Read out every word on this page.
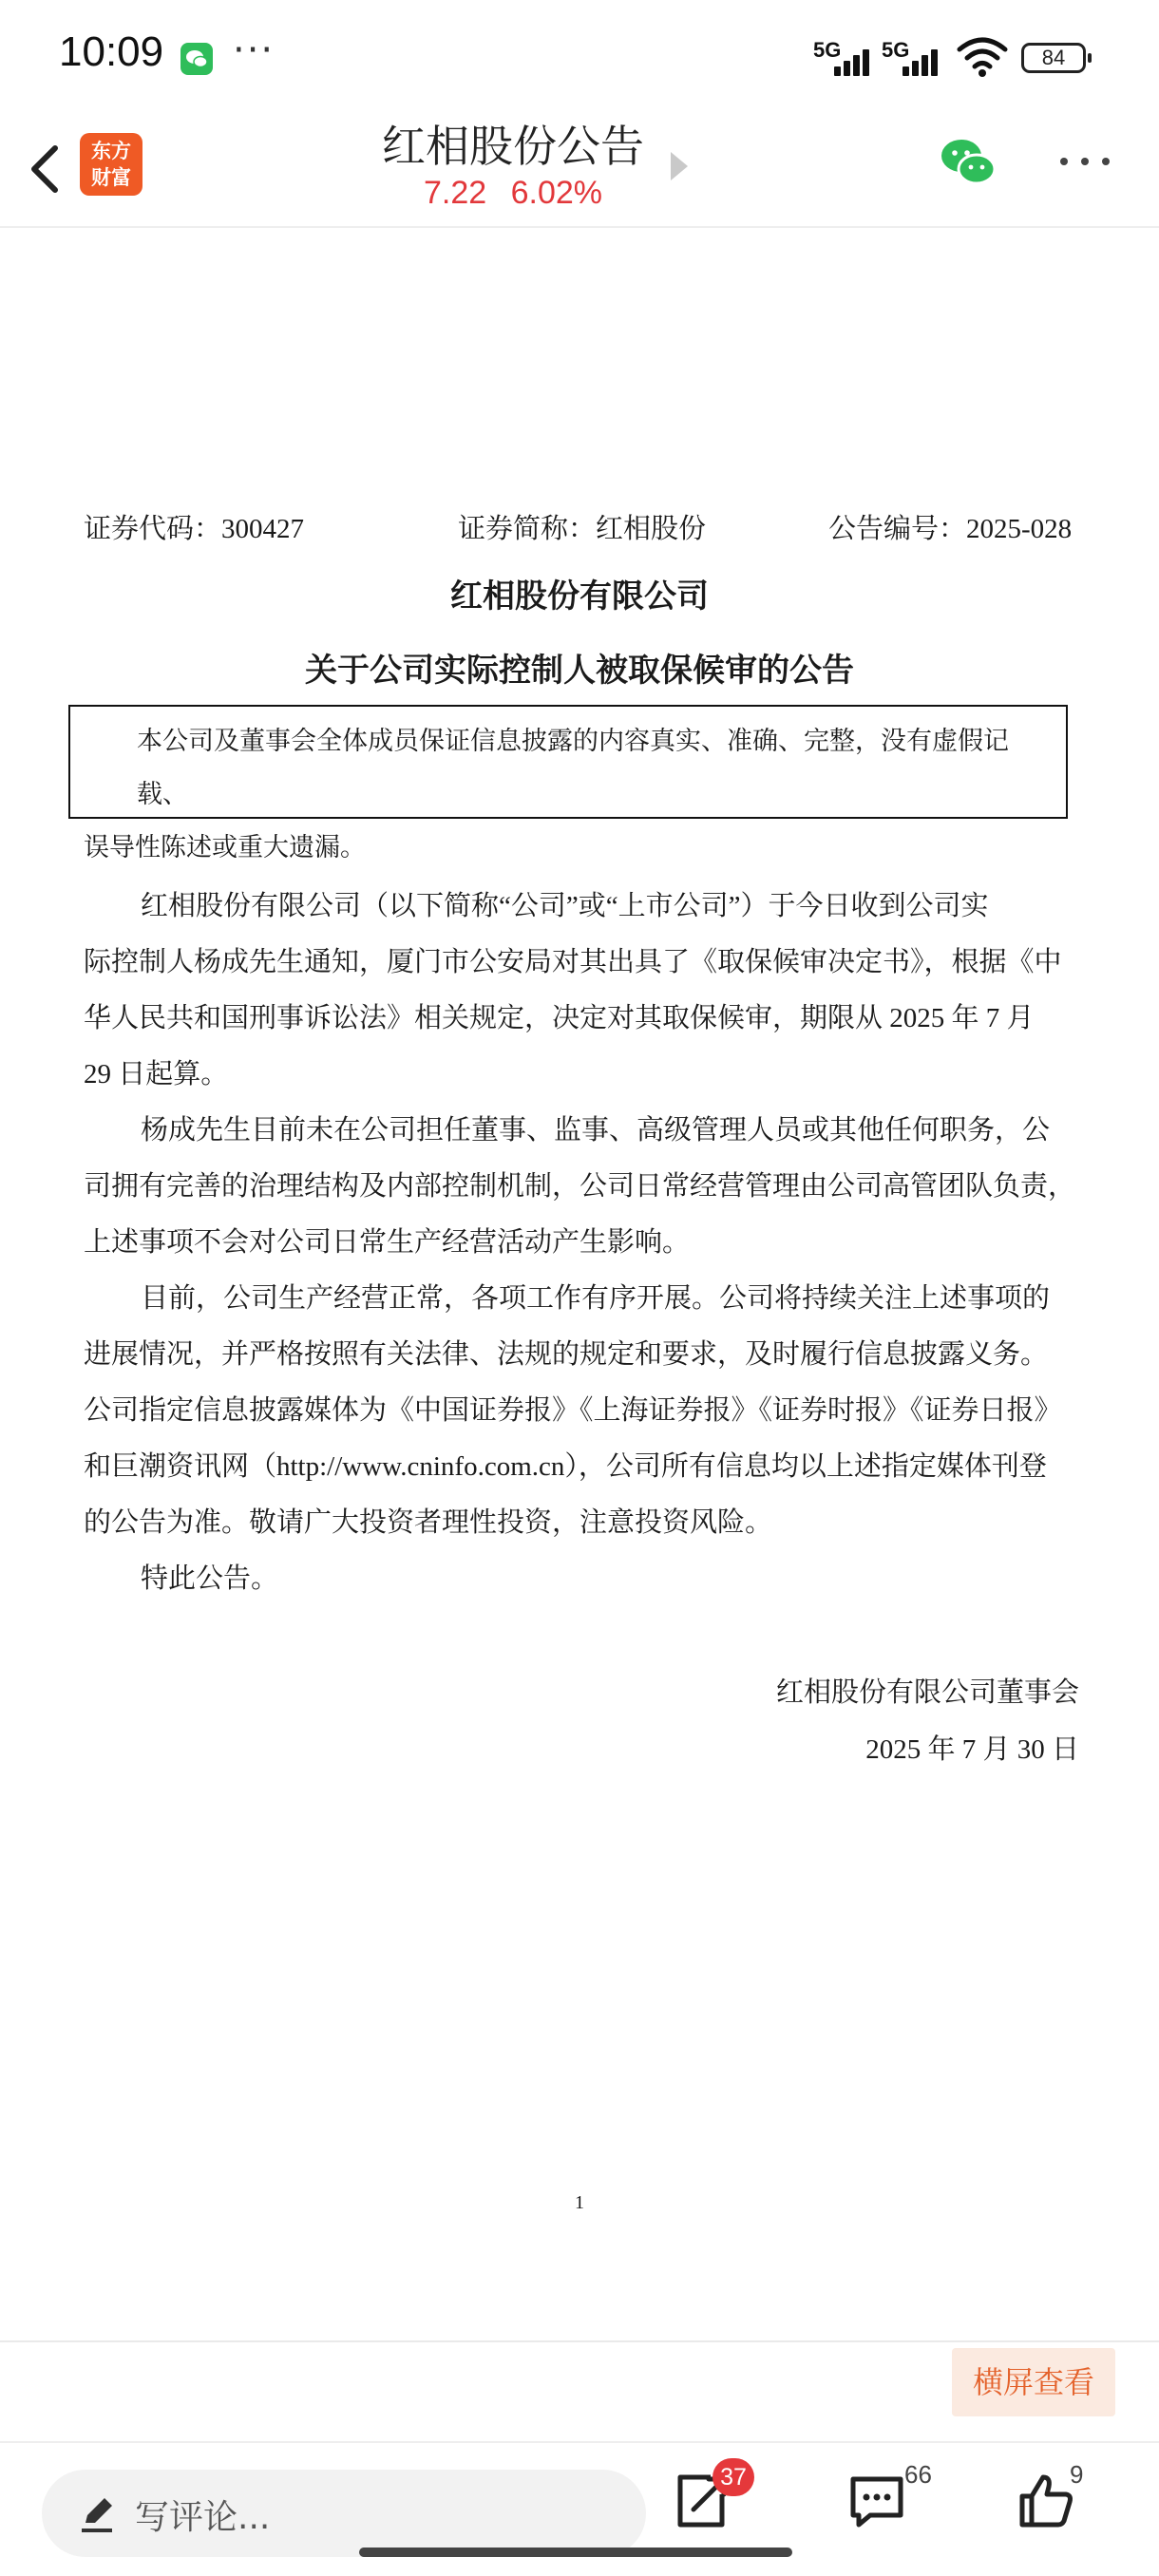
10:09 ···	5G 5G	84
东方
财富
红相股份公告
7.22 6.02%
证券代码：300427	证券简称：红相股份	公告编号：2025-028
红相股份有限公司
关于公司实际控制人被取保候审的公告
本公司及董事会全体成员保证信息披露的内容真实、准确、完整，没有虚假记载、
误导性陈述或重大遗漏。
红相股份有限公司（以下简称“公司”或“上市公司”）于今日收到公司实
际控制人杨成先生通知，厦门市公安局对其出具了《取保候审决定书》，根据《中
华人民共和国刑事诉讼法》相关规定，决定对其取保候审，期限从 2025 年 7 月
29 日起算。
杨成先生目前未在公司担任董事、监事、高级管理人员或其他任何职务，公
司拥有完善的治理结构及内部控制机制，公司日常经营管理由公司高管团队负责，
上述事项不会对公司日常生产经营活动产生影响。
目前，公司生产经营正常，各项工作有序开展。公司将持续关注上述事项的
进展情况，并严格按照有关法律、法规的规定和要求，及时履行信息披露义务。
公司指定信息披露媒体为《中国证券报》《上海证券报》《证券时报》《证券日报》
和巨潮资讯网（http://www.cninfo.com.cn），公司所有信息均以上述指定媒体刊登
的公告为准。敬请广大投资者理性投资，注意投资风险。
特此公告。
红相股份有限公司董事会
2025 年 7 月 30 日
1
横屏查看
写评论...
37	66	9
